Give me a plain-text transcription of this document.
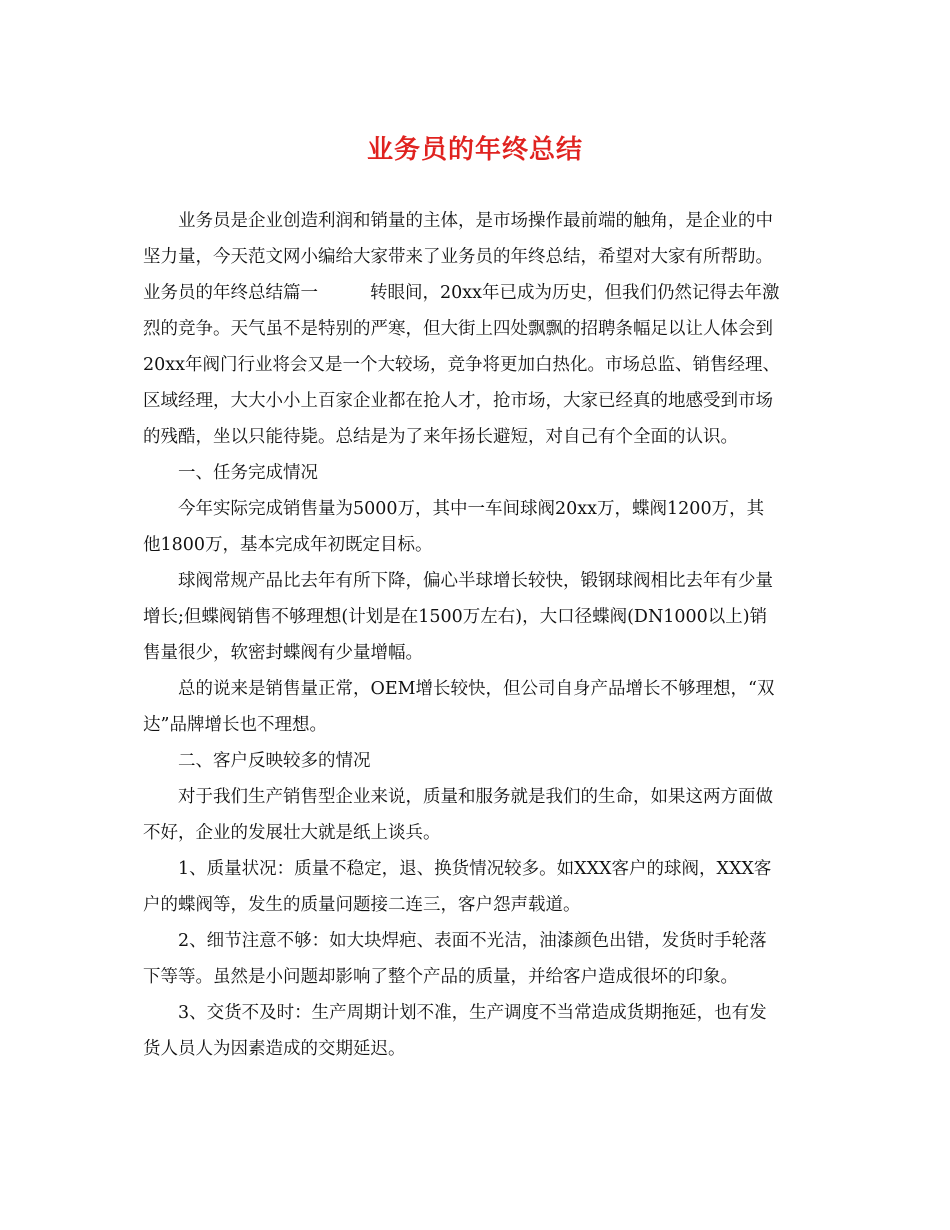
业务员的年终总结
业务员是企业创造利润和销量的主体，是市场操作最前端的触角，是企业的中
坚力量，今天范文网小编给大家带来了业务员的年终总结，希望对大家有所帮助。
业务员的年终总结篇一	转眼间，20xx年已成为历史，但我们仍然记得去年激
烈的竞争。天气虽不是特别的严寒，但大街上四处飘飘的招聘条幅足以让人体会到
20xx年阀门行业将会又是一个大较场，竞争将更加白热化。市场总监、销售经理、
区域经理，大大小小上百家企业都在抢人才，抢市场，大家已经真的地感受到市场
的残酷，坐以只能待毙。总结是为了来年扬长避短，对自己有个全面的认识。
一、任务完成情况
今年实际完成销售量为5000万，其中一车间球阀20xx万，蝶阀1200万，其
他1800万，基本完成年初既定目标。
球阀常规产品比去年有所下降，偏心半球增长较快，锻钢球阀相比去年有少量
增长;但蝶阀销售不够理想(计划是在1500万左右)，大口径蝶阀(DN1000以上)销
售量很少，软密封蝶阀有少量增幅。
总的说来是销售量正常，OEM增长较快，但公司自身产品增长不够理想，“双
达”品牌增长也不理想。
二、客户反映较多的情况
对于我们生产销售型企业来说，质量和服务就是我们的生命，如果这两方面做
不好，企业的发展壮大就是纸上谈兵。
1、质量状况：质量不稳定，退、换货情况较多。如XXX客户的球阀，XXX客
户的蝶阀等，发生的质量问题接二连三，客户怨声载道。
2、细节注意不够：如大块焊疤、表面不光洁，油漆颜色出错，发货时手轮落
下等等。虽然是小问题却影响了整个产品的质量，并给客户造成很坏的印象。
3、交货不及时：生产周期计划不准，生产调度不当常造成货期拖延，也有发
货人员人为因素造成的交期延迟。
